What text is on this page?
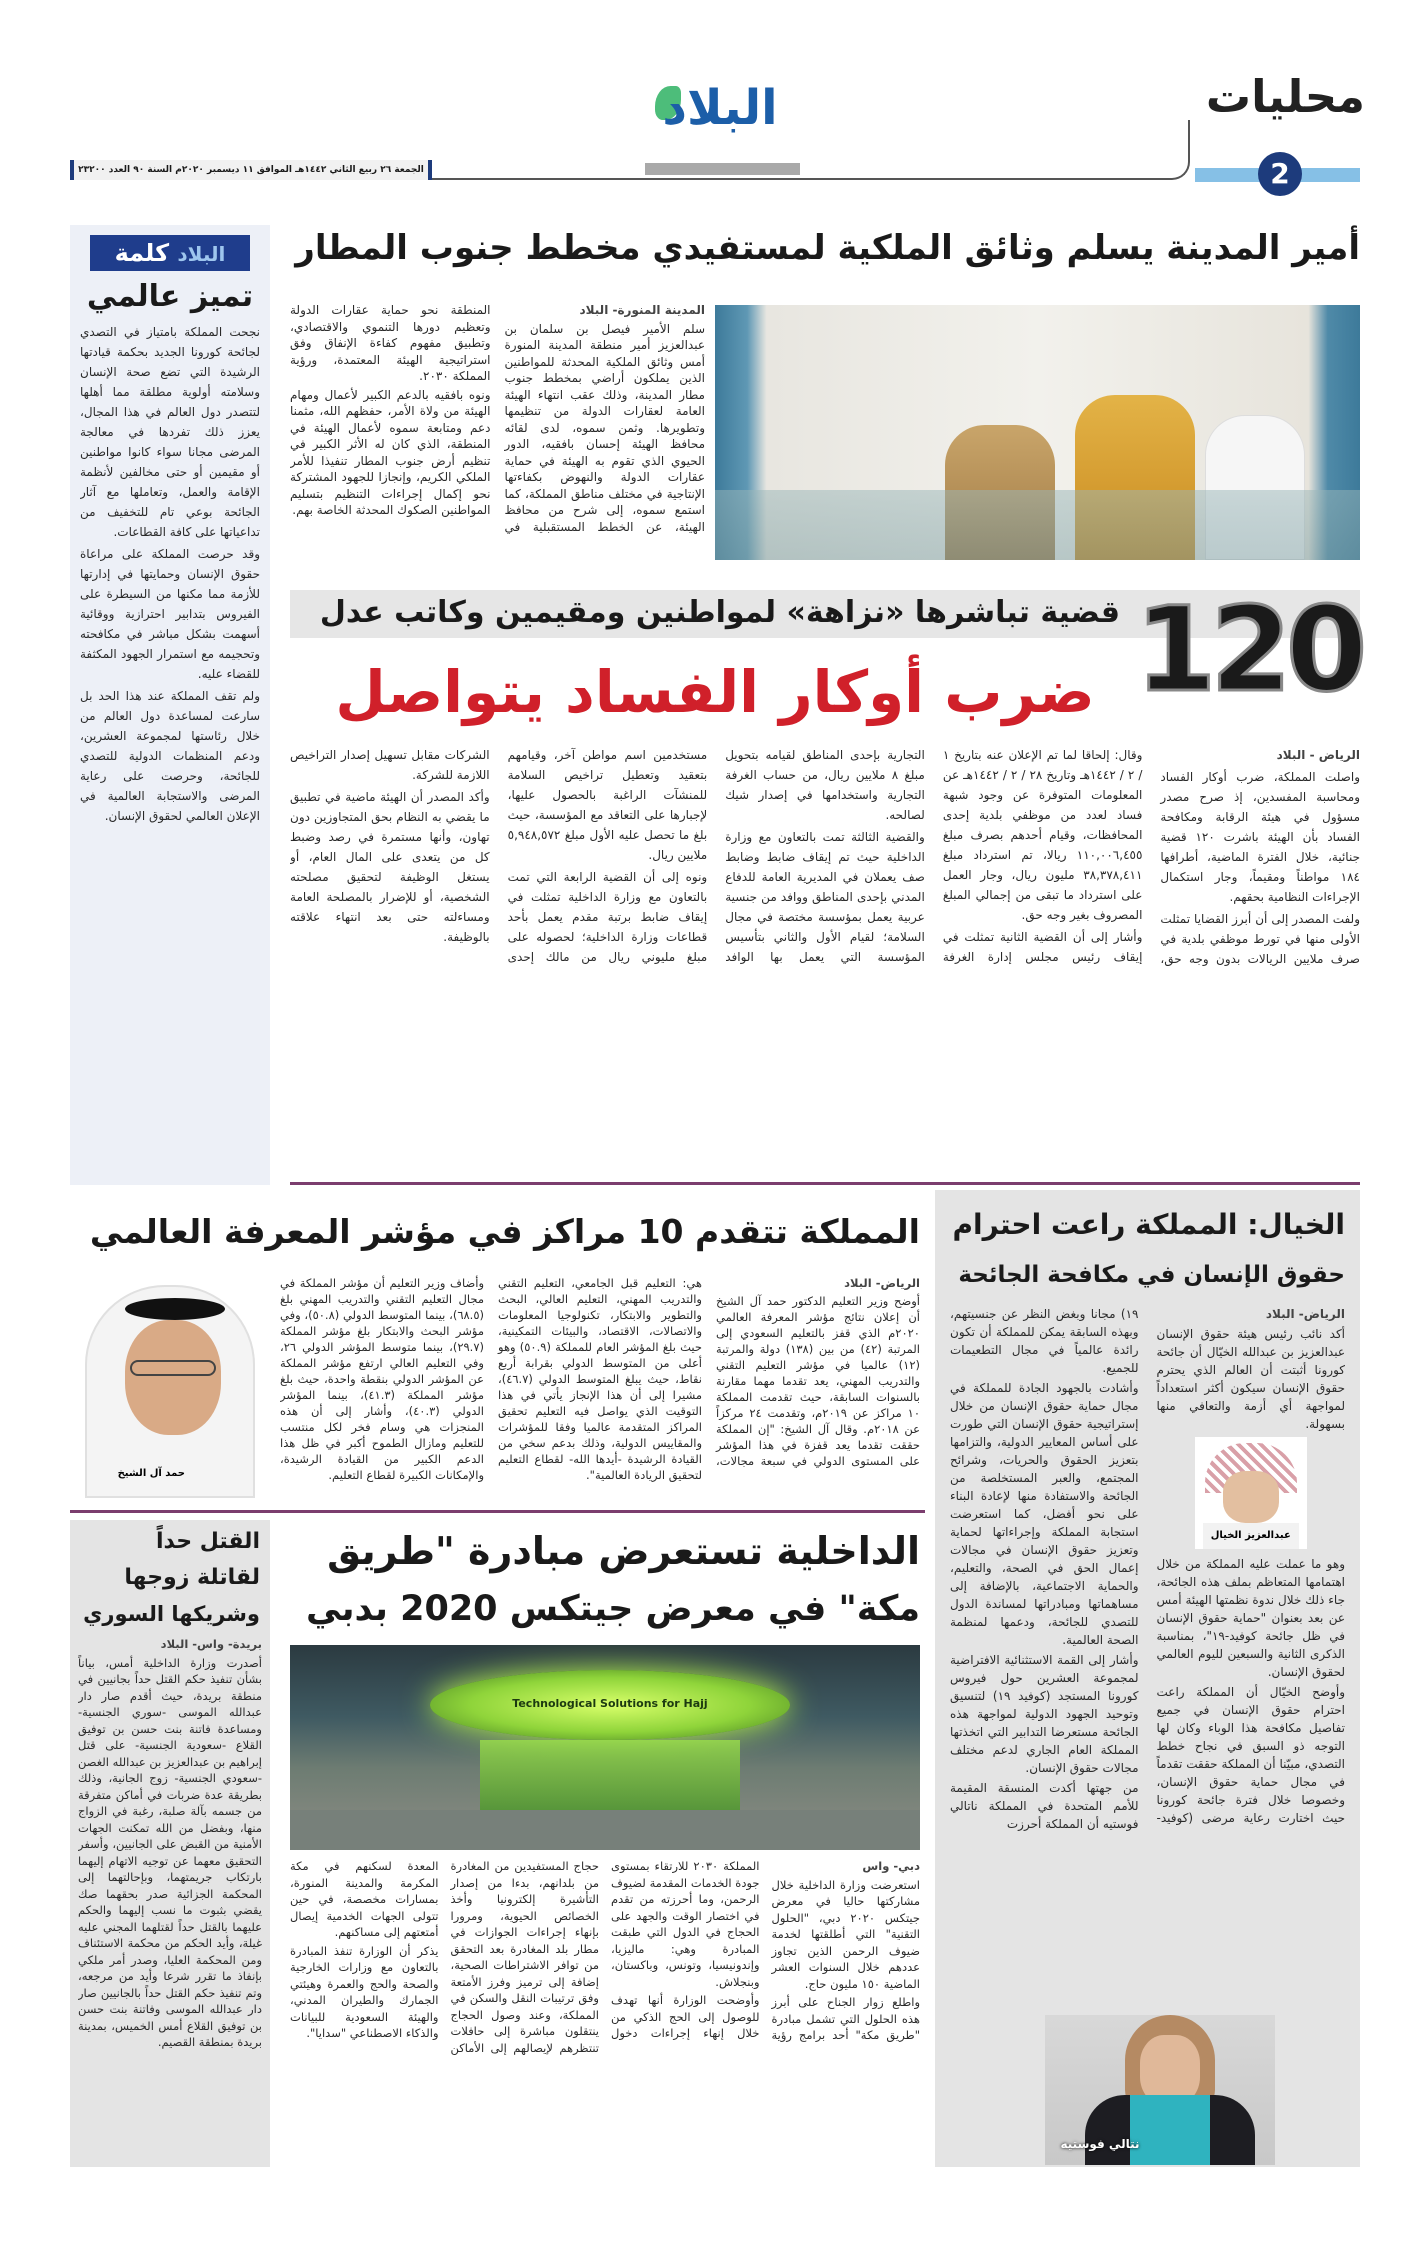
محليات
2
البلاد
الجمعة ٢٦ ربيع الثاني ١٤٤٢هـ الموافق ١١ ديسمبر ٢٠٢٠م السنة ٩٠ العدد ٢٣٢٠٠
أمير المدينة يسلم وثائق الملكية لمستفيدي مخطط جنوب المطار

المدينة المنورة- البلاد

سلم الأمير فيصل بن سلمان بن عبدالعزيز أمير منطقة المدينة المنورة أمس وثائق الملكية المحدثة للمواطنين الذين يملكون أراضي بمخطط جنوب مطار المدينة، وذلك عقب انتهاء الهيئة العامة لعقارات الدولة من تنظيمها وتطويرها. وثمن سموه، لدى لقائه محافظ الهيئة إحسان بافقيه، الدور الحيوي الذي تقوم به الهيئة في حماية عقارات الدولة والنهوض بكفاءتها الإنتاجية في مختلف مناطق المملكة، كما استمع سموه، إلى شرح من محافظ الهيئة، عن الخطط المستقبلية في المنطقة نحو حماية عقارات الدولة وتعظيم دورها التنموي والاقتصادي، وتطبيق مفهوم كفاءة الإنفاق وفق استراتيجية الهيئة المعتمدة، ورؤية المملكة ٢٠٣٠.

ونوه بافقيه بالدعم الكبير لأعمال ومهام الهيئة من ولاة الأمر، حفظهم الله، مثمنا دعم ومتابعة سموه لأعمال الهيئة في المنطقة، الذي كان له الأثر الكبير في تنظيم أرض جنوب المطار تنفيذا للأمر الملكي الكريم، وإنجازا للجهود المشتركة نحو إكمال إجراءات التنظيم بتسليم المواطنين الصكوك المحدثة الخاصة بهم.

البلاد كلمة
تميز عالمي

نجحت المملكة بامتياز في التصدي لجائحة كورونا الجديد بحكمة قيادتها الرشيدة التي تضع صحة الإنسان وسلامته أولوية مطلقة مما أهلها لتتصدر دول العالم في هذا المجال، يعزز ذلك تفردها في معالجة المرضى مجانا سواء كانوا مواطنين أو مقيمين أو حتى مخالفين لأنظمة الإقامة والعمل، وتعاملها مع آثار الجائحة بوعي تام للتخفيف من تداعياتها على كافة القطاعات.

وقد حرصت المملكة على مراعاة حقوق الإنسان وحمايتها في إدارتها للأزمة مما مكنها من السيطرة على الفيروس بتدابير احترازية ووقائية أسهمت بشكل مباشر في مكافحته وتحجيمه مع استمرار الجهود المكثفة للقضاء عليه.

ولم تقف المملكة عند هذا الحد بل سارعت لمساعدة دول العالم من خلال رئاستها لمجموعة العشرين، ودعم المنظمات الدولية للتصدي للجائحة، وحرصت على رعاية المرضى والاستجابة العالمية في الإعلان العالمي لحقوق الإنسان.

قضية تباشرها «نزاهة» لمواطنين ومقيمين وكاتب عدل 120
ضرب أوكار الفساد يتواصل

الرياض - البلاد

واصلت المملكة، ضرب أوكار الفساد ومحاسبة المفسدين، إذ صرح مصدر مسؤول في هيئة الرقابة ومكافحة الفساد بأن الهيئة باشرت ١٢٠ قضية جنائية، خلال الفترة الماضية، أطرافها ١٨٤ مواطناً ومقيماً، وجار استكمال الإجراءات النظامية بحقهم.

ولفت المصدر إلى أن أبرز القضايا تمثلت الأولى منها في تورط موظفي بلدية في صرف ملايين الريالات بدون وجه حق، وقال: إلحاقا لما تم الإعلان عنه بتاريخ ١ / ٢ / ١٤٤٢هـ وتاريخ ٢٨ / ٢ / ١٤٤٢هـ عن المعلومات المتوفرة عن وجود شبهة فساد لعدد من موظفي بلدية إحدى المحافظات، وقيام أحدهم بصرف مبلغ ١١٠,٠٠٦,٤٥٥ ريالا، تم استرداد مبلغ ٣٨,٣٧٨,٤١١ مليون ريال، وجار العمل على استرداد ما تبقى من إجمالي المبلغ المصروف بغير وجه حق.

وأشار إلى أن القضية الثانية تمثلت في إيقاف رئيس مجلس إدارة الغرفة التجارية بإحدى المناطق لقيامه بتحويل مبلغ ٨ ملايين ريال، من حساب الغرفة التجارية واستخدامها في إصدار شيك لصالحه.

والقضية الثالثة تمت بالتعاون مع وزارة الداخلية حيث تم إيقاف ضابط وضابط صف يعملان في المديرية العامة للدفاع المدني بإحدى المناطق ووافد من جنسية عربية يعمل بمؤسسة مختصة في مجال السلامة؛ لقيام الأول والثاني بتأسيس المؤسسة التي يعمل بها الوافد مستخدمين اسم مواطن آخر، وقيامهم بتعقيد وتعطيل تراخيص السلامة للمنشآت الراغبة بالحصول عليها، لإجبارها على التعاقد مع المؤسسة، حيث بلغ ما تحصل عليه الأول مبلغ ٥,٩٤٨,٥٧٢ ملايين ريال.

ونوه إلى أن القضية الرابعة التي تمت بالتعاون مع وزارة الداخلية تمثلت في إيقاف ضابط برتبة مقدم يعمل بأحد قطاعات وزارة الداخلية؛ لحصوله على مبلغ مليوني ريال من مالك إحدى الشركات مقابل تسهيل إصدار التراخيص اللازمة للشركة.

وأكد المصدر أن الهيئة ماضية في تطبيق ما يقضي به النظام بحق المتجاوزين دون تهاون، وأنها مستمرة في رصد وضبط كل من يتعدى على المال العام، أو يستغل الوظيفة لتحقيق مصلحته الشخصية، أو للإضرار بالمصلحة العامة ومساءلته حتى بعد انتهاء علاقته بالوظيفة.

الخيال: المملكة راعت احترام
حقوق الإنسان في مكافحة الجائحة

الرياض- البلاد

أكد نائب رئيس هيئة حقوق الإنسان عبدالعزيز بن عبدالله الخيّال أن جائحة كورونا أثبتت أن العالم الذي يحترم حقوق الإنسان سيكون أكثر استعداداً لمواجهة أي أزمة والتعافي منها بسهولة.

عبدالعزيز الخيال

وهو ما عملت عليه المملكة من خلال اهتمامها المتعاظم بملف هذه الجائحة، جاء ذلك خلال ندوة نظمتها الهيئة أمس عن بعد بعنوان "حماية حقوق الإنسان في ظل جائحة كوفيد-١٩"، بمناسبة الذكرى الثانية والسبعين لليوم العالمي لحقوق الإنسان.

وأوضح الخيّال أن المملكة راعت احترام حقوق الإنسان في جميع تفاصيل مكافحة هذا الوباء وكان لها التوجه ذو السبق في نجاح خطط التصدي، مبيّنا أن المملكة حققت تقدماً في مجال حماية حقوق الإنسان، وخصوصا خلال فترة جائحة كورونا حيث اختارت رعاية مرضى (كوفيد- ١٩) مجانا وبغض النظر عن جنسيتهم، وبهذه السابقة يمكن للمملكة أن تكون رائدة عالمياً في مجال التطعيمات للجميع.

وأشادت بالجهود الجادة للمملكة في مجال حماية حقوق الإنسان من خلال إستراتيجية حقوق الإنسان التي طورت على أساس المعايير الدولية، والتزامها بتعزيز الحقوق والحريات، وشرائح المجتمع، والعبر المستخلصة من الجائحة والاستفادة منها لإعادة البناء على نحو أفضل، كما استعرضت استجابة المملكة وإجراءاتها لحماية وتعزيز حقوق الإنسان في مجالات إعمال الحق في الصحة، والتعليم، والحماية الاجتماعية، بالإضافة إلى مساهماتها ومبادراتها لمساندة الدول للتصدي للجائحة، ودعمها لمنظمة الصحة العالمية.

وأشار إلى القمة الاستثنائية الافتراضية لمجموعة العشرين حول فيروس كورونا المستجد (كوفيد ١٩) لتنسيق وتوحيد الجهود الدولية لمواجهة هذه الجائحة مستعرضا التدابير التي اتخذتها المملكة العام الجاري لدعم مختلف مجالات حقوق الإنسان.

من جهتها أكدت المنسقة المقيمة للأمم المتحدة في المملكة ناتالي فوستيه أن المملكة أحرزت

نتالي فوستيه
المملكة تتقدم 10 مراكز في مؤشر المعرفة العالمي

الرياض- البلاد

أوضح وزير التعليم الدكتور حمد آل الشيخ أن إعلان نتائج مؤشر المعرفة العالمي ٢٠٢٠م الذي قفز بالتعليم السعودي إلى المرتبة (٤٢) من بين (١٣٨) دولة والمرتبة (١٢) عالميا في مؤشر التعليم التقني والتدريب المهني، يعد تقدما مهما مقارنة بالسنوات السابقة، حيث تقدمت المملكة ١٠ مراكز عن ٢٠١٩م، وتقدمت ٢٤ مركزاً عن ٢٠١٨م. وقال آل الشيخ: "إن المملكة حققت تقدما يعد قفزة في هذا المؤشر على المستوى الدولي في سبعة مجالات، هي: التعليم قبل الجامعي، التعليم التقني والتدريب المهني، التعليم العالي، البحث والتطوير والابتكار، تكنولوجيا المعلومات والاتصالات، الاقتصاد، والبيئات التمكينية، حيث بلغ المؤشر العام للمملكة (٥٠.٩) وهو أعلى من المتوسط الدولي بقرابة أربع نقاط، حيث يبلغ المتوسط الدولي (٤٦.٧)، مشيرا إلى أن هذا الإنجاز يأتي في هذا التوقيت الذي يواصل فيه التعليم تحقيق المراكز المتقدمة عالميا وفقا للمؤشرات والمقاييس الدولية، وذلك بدعم سخي من القيادة الرشيدة -أيدها الله- لقطاع التعليم لتحقيق الريادة العالمية".

وأضاف وزير التعليم أن مؤشر المملكة في مجال التعليم التقني والتدريب المهني بلغ (٦٨.٥)، بينما المتوسط الدولي (٥٠.٨)، وفي مؤشر البحث والابتكار بلغ مؤشر المملكة (٢٩.٧)، بينما متوسط المؤشر الدولي ٢٦، وفي التعليم العالي ارتفع مؤشر المملكة عن المؤشر الدولي بنقطة واحدة، حيث بلغ مؤشر المملكة (٤١.٣)، بينما المؤشر الدولي (٤٠.٣)، وأشار إلى أن هذه المنجزات هي وسام فخر لكل منتسب للتعليم ومازال الطموح أكبر في ظل هذا الدعم الكبير من القيادة الرشيدة، والإمكانات الكبيرة لقطاع التعليم.

حمد آل الشيخ
القتل حداً
لقاتلة زوجها
وشريكها السوري

بريدة- واس- البلاد

أصدرت وزارة الداخلية أمس، بياناً بشأن تنفيذ حكم القتل حداً بجانيين في منطقة بريدة، حيث أقدم صار دار عبدالله الموسى -سوري الجنسية- ومساعدة فاتنة بنت حسن بن توفيق القلاع -سعودية الجنسية- على قتل إبراهيم بن عبدالعزيز بن عبدالله الغصن -سعودي الجنسية- زوج الجانية، وذلك بطريقة عدة ضربات في أماكن متفرقة من جسمه بآلة صلبة، رغبة في الزواج منها، وبفضل من الله تمكنت الجهات الأمنية من القبض على الجانيين، وأسفر التحقيق معهما عن توجيه الاتهام إليهما بارتكاب جريمتهما، وبإحالتهما إلى المحكمة الجزائية صدر بحقهما صك يقضي بثبوت ما نسب إليهما والحكم عليهما بالقتل حداً لقتلهما المجني عليه غيلة، وأيد الحكم من محكمة الاستئناف ومن المحكمة العليا، وصدر أمر ملكي بإنفاذ ما تقرر شرعا وأيد من مرجعه، وتم تنفيذ حكم القتل حداً بالجانيين صار دار عبدالله الموسى وفاتنة بنت حسن بن توفيق القلاع أمس الخميس، بمدينة بريدة بمنطقة القصيم.

الداخلية تستعرض مبادرة "طريق
مكة" في معرض جيتكس 2020 بدبي
Technological Solutions for Hajj

دبي- واس

استعرضت وزارة الداخلية خلال مشاركتها حاليا في معرض جيتكس ٢٠٢٠ دبي، "الحلول التقنية" التي أطلقتها لخدمة ضيوف الرحمن الذين تجاوز عددهم خلال السنوات العشر الماضية ١٥٠ مليون حاج.

واطلع زوار الجناح على أبرز هذه الحلول التي تشمل مبادرة "طريق مكة" أحد برامج رؤية المملكة ٢٠٣٠ للارتقاء بمستوى جودة الخدمات المقدمة لضيوف الرحمن، وما أحرزته من تقدم في اختصار الوقت والجهد على الحجاج في الدول التي طبقت المبادرة وهي: ماليزيا، وإندونيسيا، وتونس، وباكستان، وبنجلاش.

وأوضحت الوزارة أنها تهدف للوصول إلى الحج الذكي من خلال إنهاء إجراءات دخول حجاج المستفيدين من المغادرة من بلدانهم، بدءا من إصدار التأشيرة إلكترونيا وأخذ الخصائص الحيوية، ومرورا بإنهاء إجراءات الجوازات في مطار بلد المغادرة بعد التحقق من توافر الاشتراطات الصحية، إضافة إلى ترميز وفرز الأمتعة وفق ترتيبات النقل والسكن في المملكة، وعند وصول الحجاج ينتقلون مباشرة إلى حافلات تنتظرهم لإيصالهم إلى الأماكن المعدة لسكنهم في مكة المكرمة والمدينة المنورة، بمسارات مخصصة، في حين تتولى الجهات الخدمية إيصال أمتعتهم إلى مساكنهم.

يذكر أن الوزارة تنفذ المبادرة بالتعاون مع وزارات الخارجية والصحة والحج والعمرة وهيئتي الجمارك والطيران المدني، والهيئة السعودية للبيانات والذكاء الاصطناعي "سدايا".
